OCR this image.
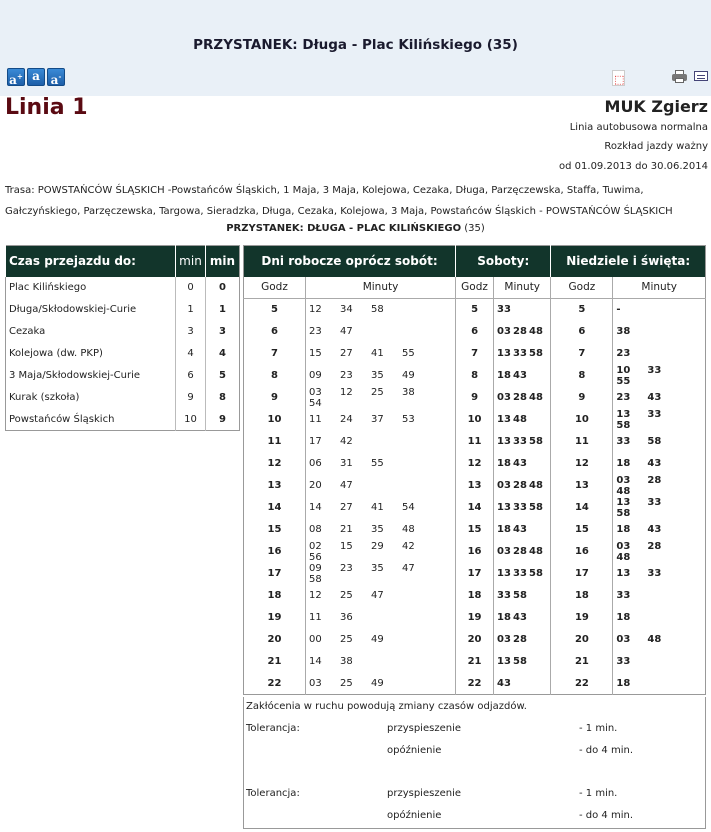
PRZYSTANEK: Długa - Plac Kilińskiego (35)
a+ a a-	⬚
Linia 1	MUK Zgierz
Linia autobusowa normalna
Rozkład jazdy ważny
od 01.09.2013 do 30.06.2014
Trasa: POWSTAŃCÓW ŚLĄSKICH -Powstańców Śląskich, 1 Maja, 3 Maja, Kolejowa, Cezaka, Długa, Parzęczewska, Staffa, Tuwima,
Gałczyńskiego, Parzęczewska, Targowa, Sieradzka, Długa, Cezaka, Kolejowa, 3 Maja, Powstańców Śląskich - POWSTAŃCÓW ŚLĄSKICH
PRZYSTANEK: DŁUGA - PLAC KILIŃSKIEGO (35)
Czas przejazdu do:	min	min
Plac Kilińskiego	0	0
Długa/Skłodowskiej-Curie	1	1
Cezaka	3	3
Kolejowa (dw. PKP)	4	4
3 Maja/Skłodowskiej-Curie	6	5
Kurak (szkoła)	9	8
Powstańców Śląskich	10	9
Dni robocze oprócz sobót:		Soboty:		Niedziele i święta:	
Godz	Minuty	Godz	Minuty	Godz	Minuty
5	12 34 58	5	33	5	-
6	23 47	6	03 28 48	6	38
7	15 27 41 55	7	13 33 58	7	23
8	09 23 35 49	8	18 43	8	10 3355
9	03 12 25 3854	9	03 28 48	9	23 43
10	11 24 37 53	10	13 48	10	13 3358
11	17 42	11	13 33 58	11	33 58
12	06 31 55	12	18 43	12	18 43
13	20 47	13	03 28 48	13	03 2848
14	14 27 41 54	14	13 33 58	14	13 3358
15	08 21 35 48	15	18 43	15	18 43
16	02 15 29 4256	16	03 28 48	16	03 2848
17	09 23 35 4758	17	13 33 58	17	13 33
18	12 25 47	18	33 58	18	33
19	11 36	19	18 43	19	18
20	00 25 49	20	03 28	20	03 48
21	14 38	21	13 58	21	33
22	03 25 49	22	43	22	18
Zakłócenia w ruchu powodują zmiany czasów odjazdów.
Tolerancja:	przyspieszenie	- 1 min.
opóźnienie	- do 4 min.
Tolerancja:	przyspieszenie	- 1 min.
opóźnienie	- do 4 min.
